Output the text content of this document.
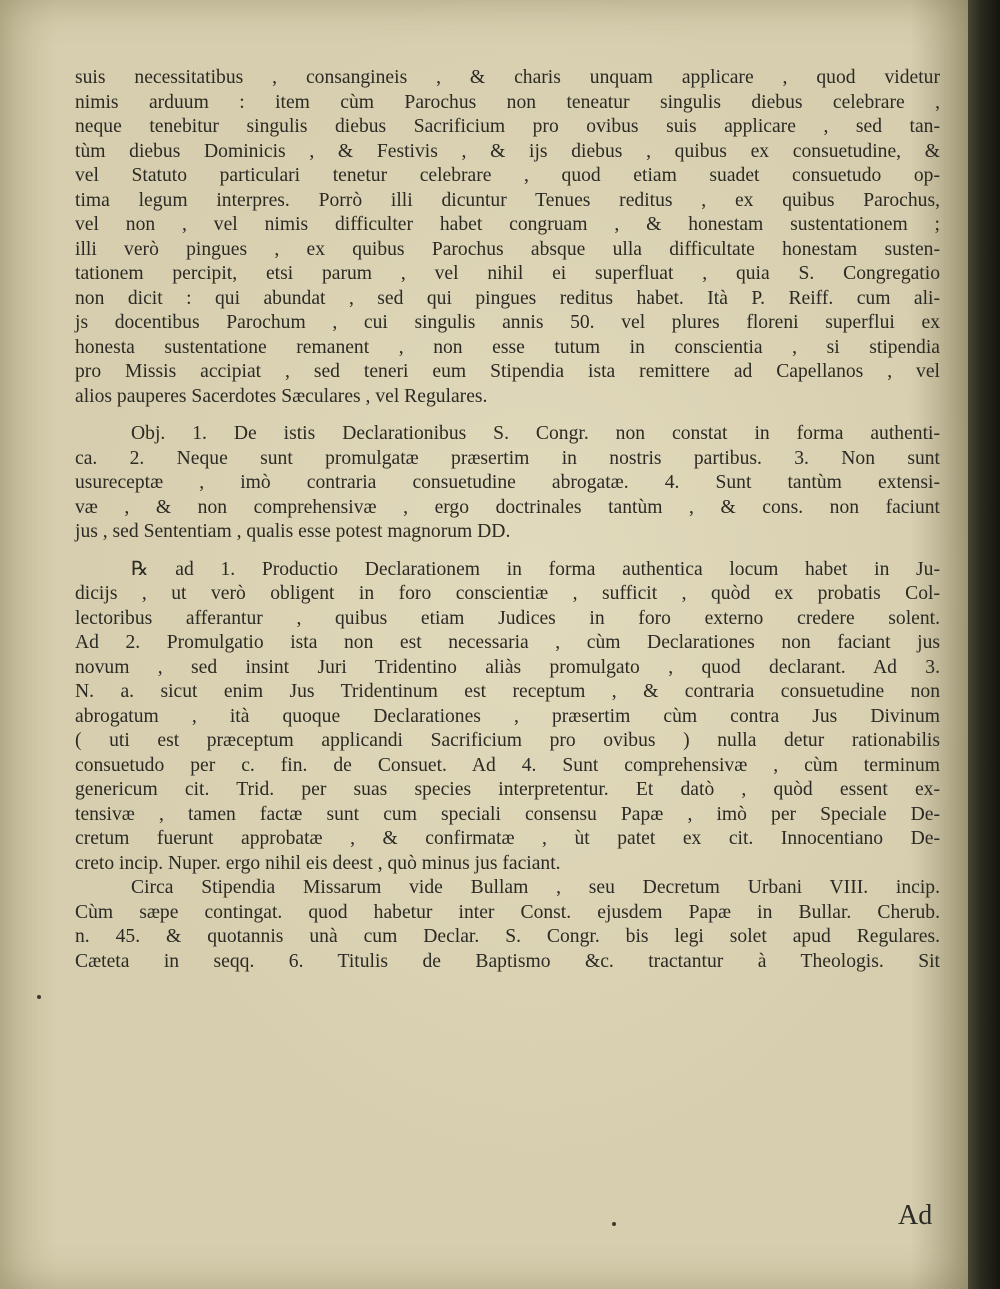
suis necessitatibus , consangineis , & charis unquam applicare , quod videtur

nimis arduum : item cùm Parochus non teneatur singulis diebus celebrare ,

neque tenebitur singulis diebus Sacrificium pro ovibus suis applicare , sed tan-

tùm diebus Dominicis , & Festivis , & ijs diebus , quibus ex consuetudine, &

vel Statuto particulari tenetur celebrare , quod etiam suadet consuetudo op-

tima legum interpres. Porrò illi dicuntur Tenues reditus , ex quibus Parochus,

vel non , vel nimis difficulter habet congruam , & honestam sustentationem ;

illi verò pingues , ex quibus Parochus absque ulla difficultate honestam susten-

tationem percipit, etsi parum , vel nihil ei superfluat , quia S. Congregatio

non dicit : qui abundat , sed qui pingues reditus habet. Ità P. Reiff. cum ali-

js docentibus Parochum , cui singulis annis 50. vel plures floreni superflui ex

honesta sustentatione remanent , non esse tutum in conscientia , si stipendia

pro Missis accipiat , sed teneri eum Stipendia ista remittere ad Capellanos , vel

alios pauperes Sacerdotes Sæculares , vel Regulares.

Obj. 1. De istis Declarationibus S. Congr. non constat in forma authenti-

ca. 2. Neque sunt promulgatæ præsertim in nostris partibus. 3. Non sunt

usureceptæ , imò contraria consuetudine abrogatæ. 4. Sunt tantùm extensi-

væ , & non comprehensivæ , ergo doctrinales tantùm , & cons. non faciunt

jus , sed Sententiam , qualis esse potest magnorum DD.

℞ ad 1. Productio Declarationem in forma authentica locum habet in Ju-

dicijs , ut verò obligent in foro conscientiæ , sufficit , quòd ex probatis Col-

lectoribus afferantur , quibus etiam Judices in foro externo credere solent.

Ad 2. Promulgatio ista non est necessaria , cùm Declarationes non faciant jus

novum , sed insint Juri Tridentino aliàs promulgato , quod declarant. Ad 3.

N. a. sicut enim Jus Tridentinum est receptum , & contraria consuetudine non

abrogatum , ità quoque Declarationes , præsertim cùm contra Jus Divinum

( uti est præceptum applicandi Sacrificium pro ovibus ) nulla detur rationabilis

consuetudo per c. fin. de Consuet. Ad 4. Sunt comprehensivæ , cùm terminum

genericum cit. Trid. per suas species interpretentur. Et datò , quòd essent ex-

tensivæ , tamen factæ sunt cum speciali consensu Papæ , imò per Speciale De-

cretum fuerunt approbatæ , & confirmatæ , ùt patet ex cit. Innocentiano De-

creto incip. Nuper. ergo nihil eis deest , quò minus jus faciant.

Circa Stipendia Missarum vide Bullam , seu Decretum Urbani VIII. incip.

Cùm sæpe contingat. quod habetur inter Const. ejusdem Papæ in Bullar. Cherub.

n. 45. & quotannis unà cum Declar. S. Congr. bis legi solet apud Regulares.

Cæteta in seqq. 6. Titulis de Baptismo &c. tractantur à Theologis. Sit

Ad
